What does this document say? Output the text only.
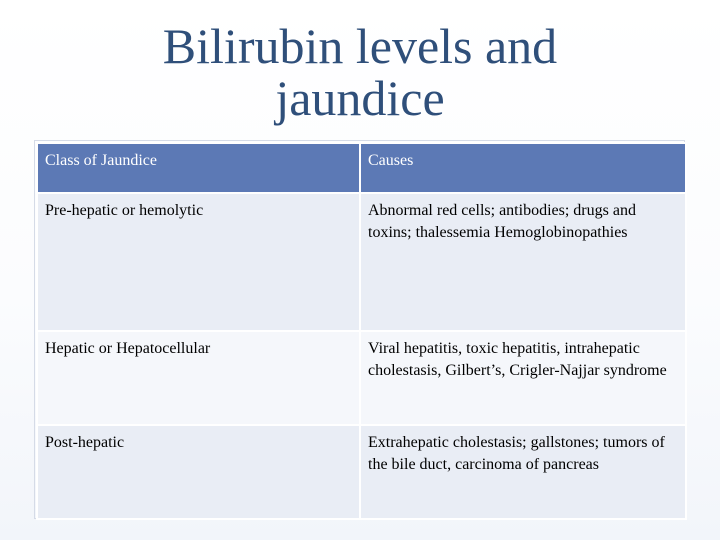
Bilirubin levels and
jaundice
Class of Jaundice	Causes
Pre-hepatic or hemolytic	Abnormal red cells; antibodies; drugs and toxins; thalessemia Hemoglobinopathies
Hepatic or Hepatocellular	Viral hepatitis, toxic hepatitis, intrahepatic cholestasis, Gilbert’s, Crigler-Najjar syndrome
Post-hepatic	Extrahepatic cholestasis; gallstones; tumors of the bile duct, carcinoma of pancreas
